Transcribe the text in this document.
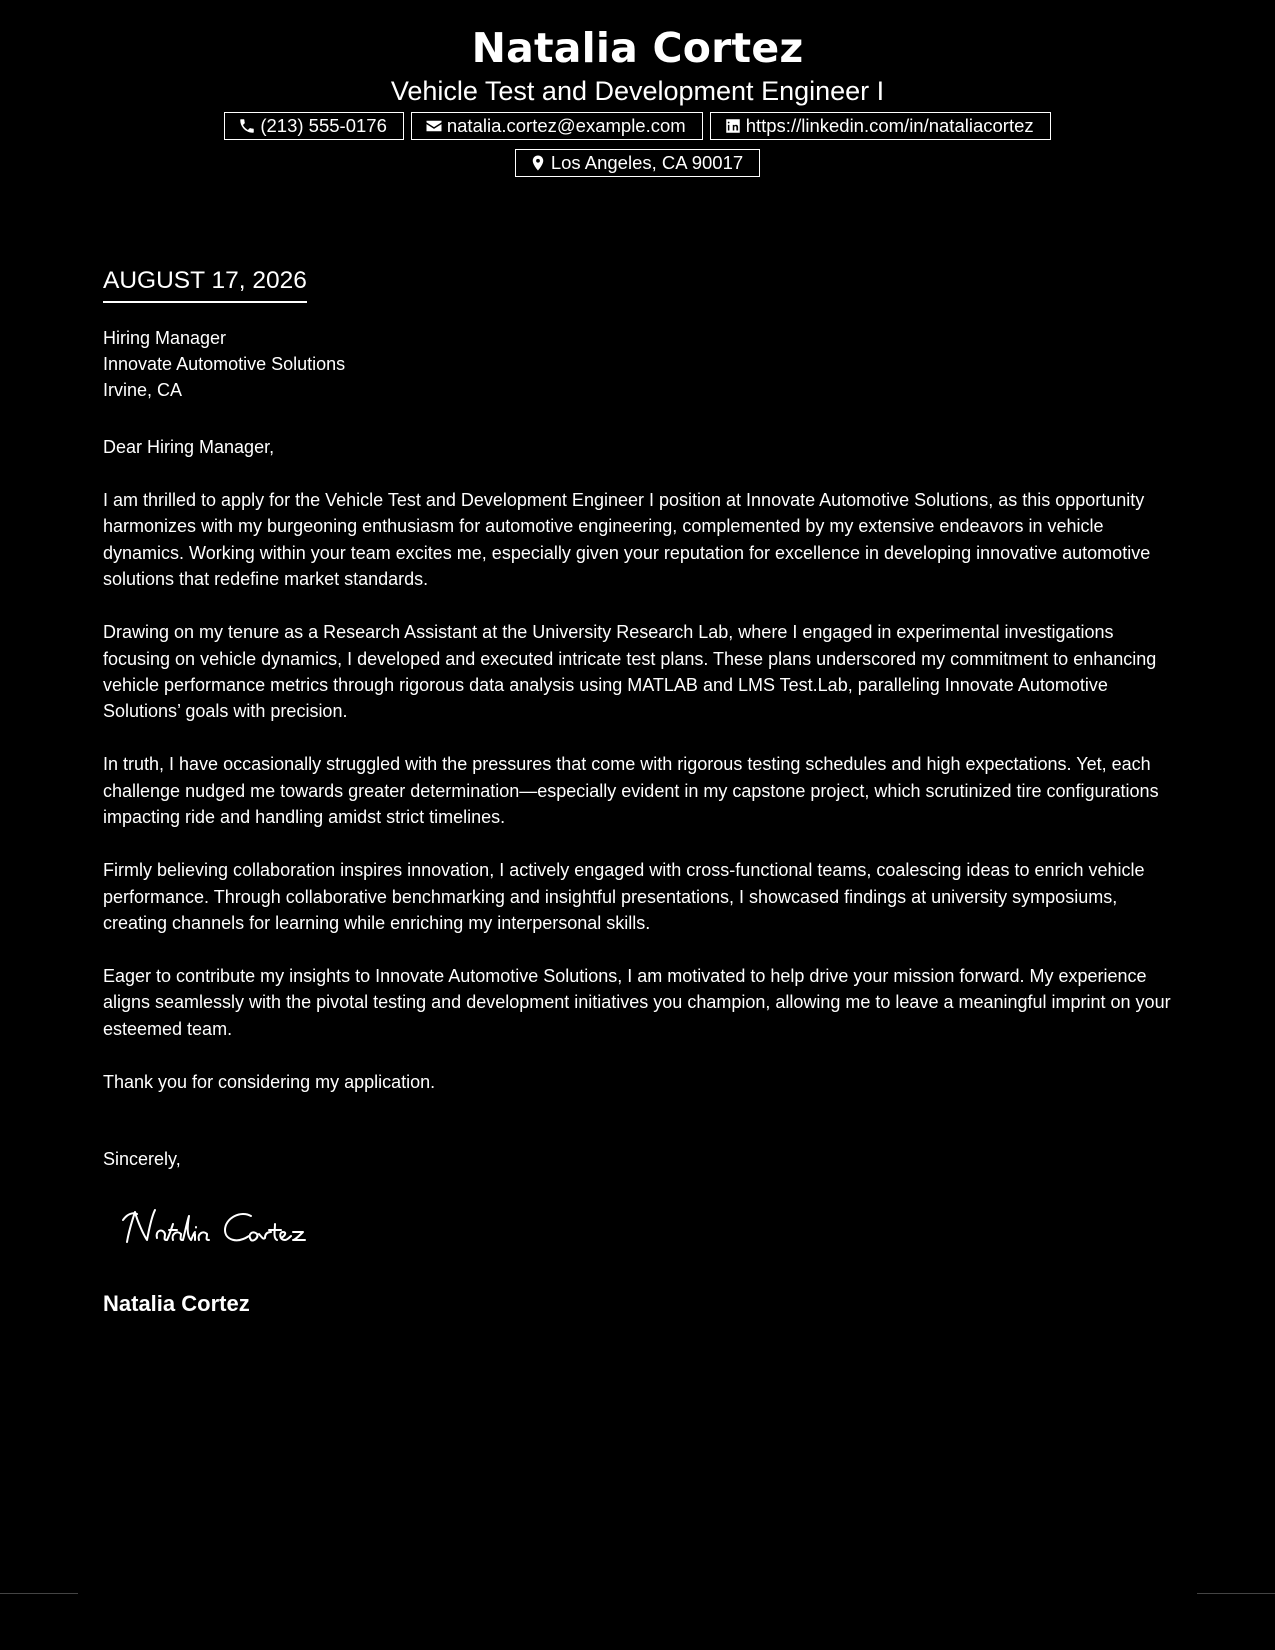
Natalia Cortez
Vehicle Test and Development Engineer I
(213) 555-0176	natalia.cortez@example.com	https://linkedin.com/in/nataliacortez
Los Angeles, CA 90017
AUGUST 17, 2026
Hiring Manager
Innovate Automotive Solutions
Irvine, CA
Dear Hiring Manager,

I am thrilled to apply for the Vehicle Test and Development Engineer I position at Innovate Automotive Solutions, as this opportunity harmonizes with my burgeoning enthusiasm for automotive engineering, complemented by my extensive endeavors in vehicle dynamics. Working within your team excites me, especially given your reputation for excellence in developing innovative automotive solutions that redefine market standards.

Drawing on my tenure as a Research Assistant at the University Research Lab, where I engaged in experimental investigations focusing on vehicle dynamics, I developed and executed intricate test plans. These plans underscored my commitment to enhancing vehicle performance metrics through rigorous data analysis using MATLAB and LMS Test.Lab, paralleling Innovate Automotive Solutions’ goals with precision.

In truth, I have occasionally struggled with the pressures that come with rigorous testing schedules and high expectations. Yet, each challenge nudged me towards greater determination—especially evident in my capstone project, which scrutinized tire configurations impacting ride and handling amidst strict timelines.

Firmly believing collaboration inspires innovation, I actively engaged with cross-functional teams, coalescing ideas to enrich vehicle performance. Through collaborative benchmarking and insightful presentations, I showcased findings at university symposiums, creating channels for learning while enriching my interpersonal skills.

Eager to contribute my insights to Innovate Automotive Solutions, I am motivated to help drive your mission forward. My experience aligns seamlessly with the pivotal testing and development initiatives you champion, allowing me to leave a meaningful imprint on your esteemed team.

Thank you for considering my application.

Sincerely,
Natalia Cortez
